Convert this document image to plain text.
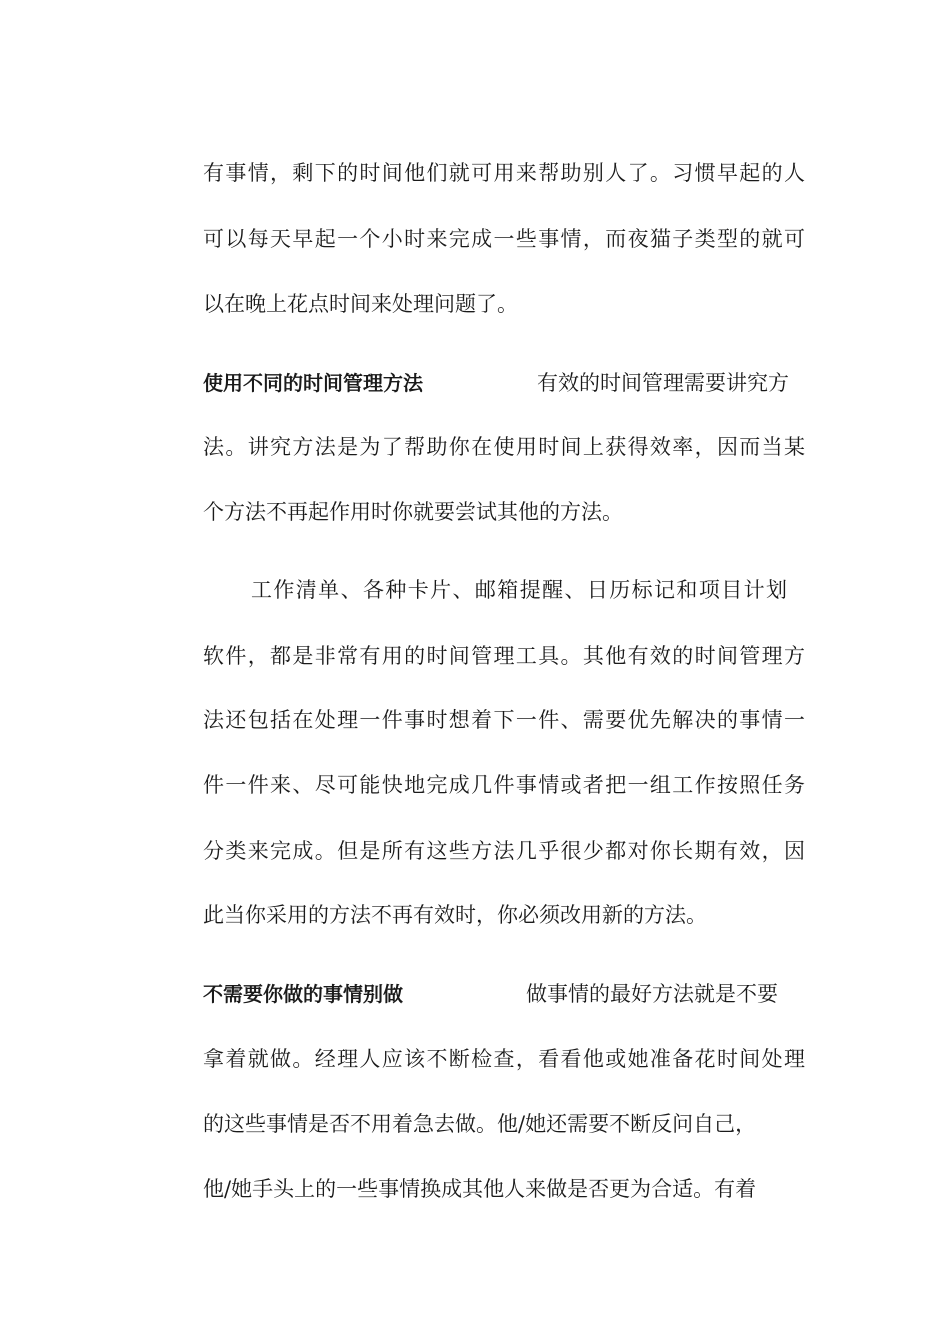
有事情，剩下的时间他们就可用来帮助别人了。习惯早起的人
可以每天早起一个小时来完成一些事情，而夜猫子类型的就可
以在晚上花点时间来处理问题了。
使用不同的时间管理方法	有效的时间管理需要讲究方
法。讲究方法是为了帮助你在使用时间上获得效率，因而当某
个方法不再起作用时你就要尝试其他的方法。
工作清单、各种卡片、邮箱提醒、日历标记和项目计划
软件，都是非常有用的时间管理工具。其他有效的时间管理方
法还包括在处理一件事时想着下一件、需要优先解决的事情一
件一件来、尽可能快地完成几件事情或者把一组工作按照任务
分类来完成。但是所有这些方法几乎很少都对你长期有效，因
此当你采用的方法不再有效时，你必须改用新的方法。
不需要你做的事情别做	做事情的最好方法就是不要
拿着就做。经理人应该不断检查，看看他或她准备花时间处理
的这些事情是否不用着急去做。他/她还需要不断反问自己，
他/她手头上的一些事情换成其他人来做是否更为合适。有着
